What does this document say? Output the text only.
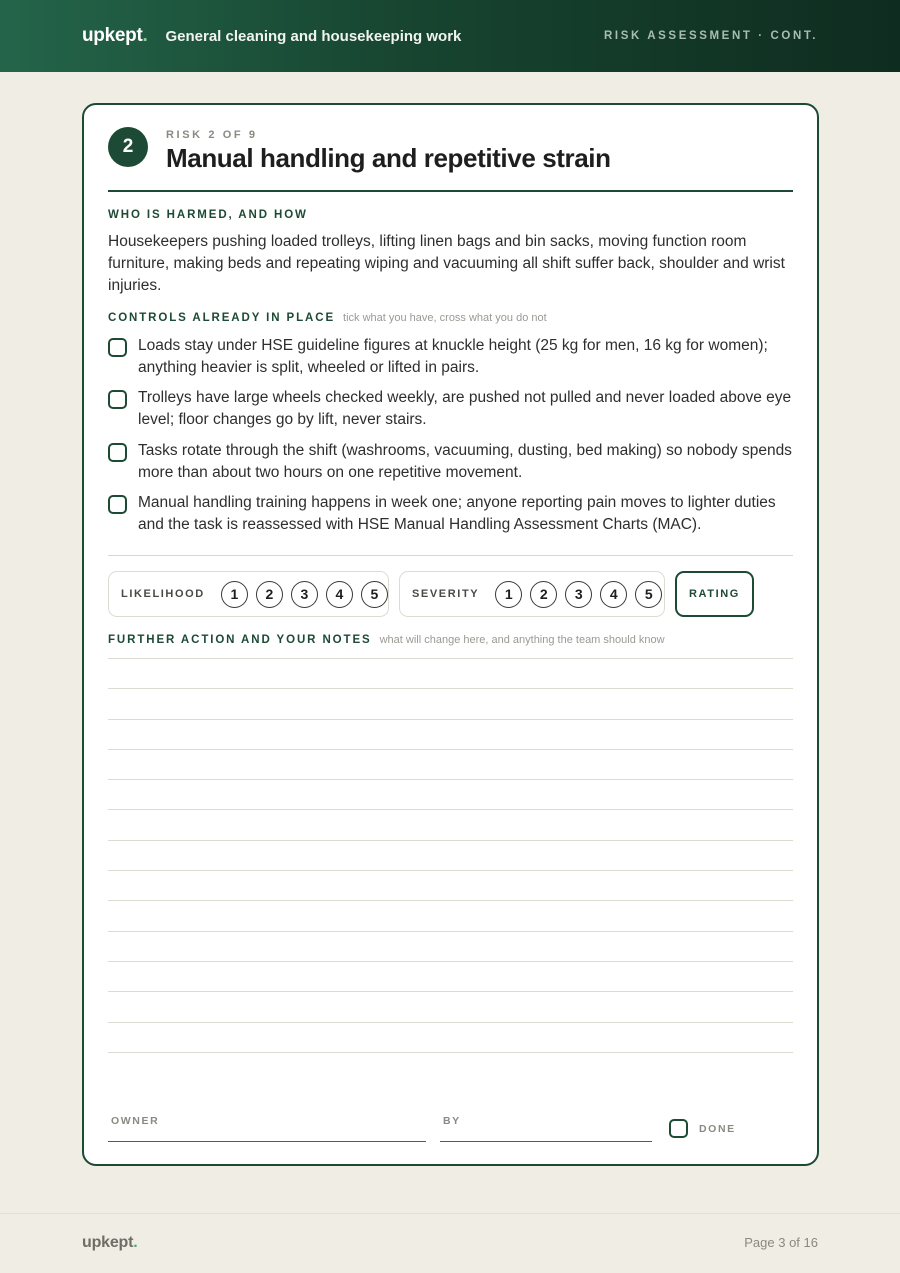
upkept. General cleaning and housekeeping work	RISK ASSESSMENT · CONT.
2
RISK 2 OF 9
Manual handling and repetitive strain
WHO IS HARMED, AND HOW
Housekeepers pushing loaded trolleys, lifting linen bags and bin sacks, moving function room furniture, making beds and repeating wiping and vacuuming all shift suffer back, shoulder and wrist injuries.
CONTROLS ALREADY IN PLACE tick what you have, cross what you do not
Loads stay under HSE guideline figures at knuckle height (25 kg for men, 16 kg for women); anything heavier is split, wheeled or lifted in pairs.
Trolleys have large wheels checked weekly, are pushed not pulled and never loaded above eye level; floor changes go by lift, never stairs.
Tasks rotate through the shift (washrooms, vacuuming, dusting, bed making) so nobody spends more than about two hours on one repetitive movement.
Manual handling training happens in week one; anyone reporting pain moves to lighter duties and the task is reassessed with HSE Manual Handling Assessment Charts (MAC).
LIKELIHOOD	1	2	3	4	5	SEVERITY	1	2	3	4	5	RATING
FURTHER ACTION AND YOUR NOTES what will change here, and anything the team should know
OWNER	BY
DONE
upkept.	Page 3 of 16
